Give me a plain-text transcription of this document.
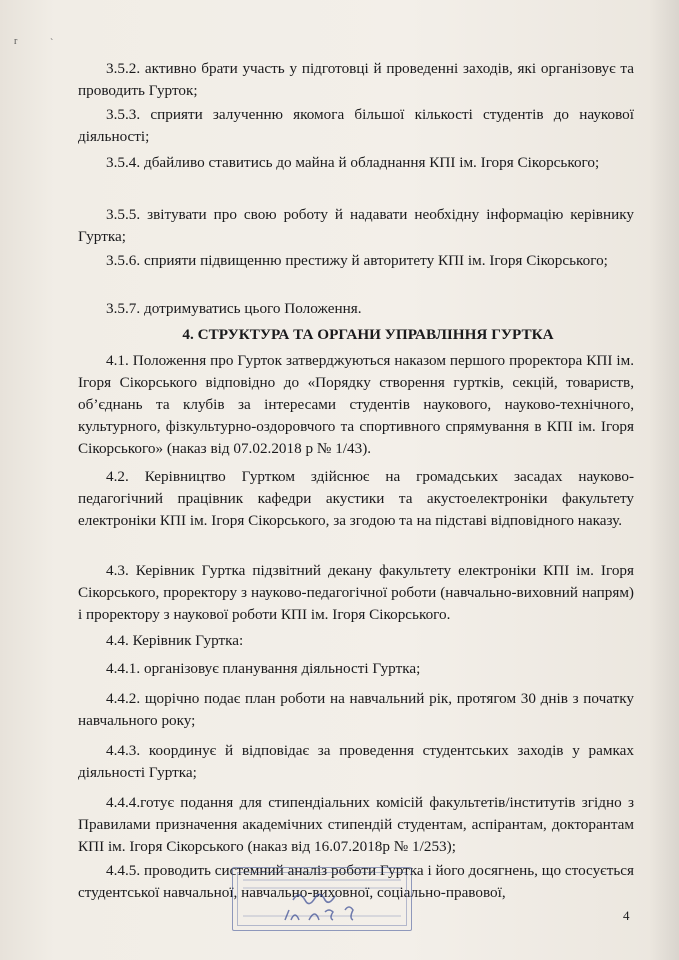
r	`

3.5.2. активно брати участь у підготовці й проведенні заходів, які організовує та проводить Гурток;

3.5.3. сприяти залученню якомога більшої кількості студентів до наукової діяльності;

3.5.4. дбайливо ставитись до майна й обладнання КПІ ім. Ігоря Сікорського;

3.5.5. звітувати про свою роботу й надавати необхідну інформацію керівнику Гуртка;

3.5.6. сприяти підвищенню престижу й авторитету КПІ ім. Ігоря Сікорського;

3.5.7. дотримуватись цього Положення.

4. СТРУКТУРА ТА ОРГАНИ УПРАВЛІННЯ ГУРТКА

4.1. Положення про Гурток затверджуються наказом першого проректора КПІ ім. Ігоря Сікорського відповідно до «Порядку створення гуртків, секцій, товариств, об’єднань та клубів за інтересами студентів наукового, науково-технічного, культурного, фізкультурно-оздоровчого та спортивного спрямування в КПІ ім. Ігоря Сікорського» (наказ від 07.02.2018 р № 1/43).

4.2. Керівництво Гуртком здійснює на громадських засадах науково-педагогічний працівник кафедри акустики та акустоелектроніки факультету електроніки КПІ ім. Ігоря Сікорського, за згодою та на підставі відповідного наказу.

4.3. Керівник Гуртка підзвітний декану факультету електроніки КПІ ім. Ігоря Сікорського, проректору з науково-педагогічної роботи (навчально-виховний напрям) і проректору з наукової роботи КПІ ім. Ігоря Сікорського.

4.4. Керівник Гуртка:

4.4.1. організовує планування діяльності Гуртка;

4.4.2. щорічно подає план роботи на навчальний рік, протягом 30 днів з початку навчального року;

4.4.3. координує й відповідає за проведення студентських заходів у рамках діяльності Гуртка;

4.4.4.готує подання для стипендіальних комісій факультетів/інститутів згідно з Правилами призначення академічних стипендій студентам, аспірантам, докторантам КПІ ім. Ігоря Сікорського (наказ від 16.07.2018р № 1/253);

4.4.5. проводить системний аналіз роботи Гуртка і його досягнень, що стосується студентської навчальної, навчально-виховної, соціально-правової,

4
